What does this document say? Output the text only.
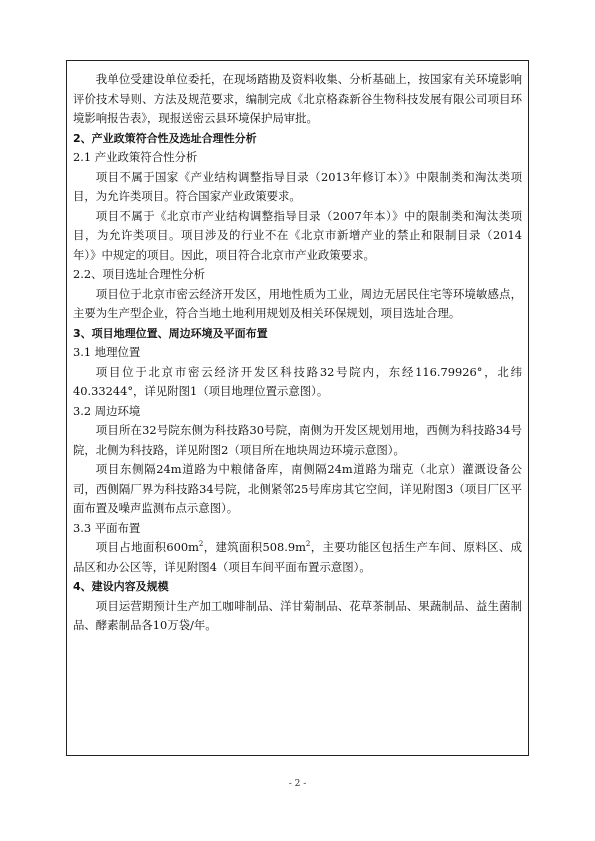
我单位受建设单位委托，在现场踏勘及资料收集、分析基础上，按国家有关环境影响评价技术导则、方法及规范要求，编制完成《北京格森新谷生物科技发展有限公司项目环境影响报告表》，现报送密云县环境保护局审批。

2、产业政策符合性及选址合理性分析

2.1 产业政策符合性分析

项目不属于国家《产业结构调整指导目录（2013年修订本）》中限制类和淘汰类项目，为允许类项目。符合国家产业政策要求。

项目不属于《北京市产业结构调整指导目录（2007年本）》中的限制类和淘汰类项目，为允许类项目。项目涉及的行业不在《北京市新增产业的禁止和限制目录（2014年）》中规定的项目。因此，项目符合北京市产业政策要求。

2.2、项目选址合理性分析

项目位于北京市密云经济开发区，用地性质为工业，周边无居民住宅等环境敏感点，主要为生产型企业，符合当地土地利用规划及相关环保规划，项目选址合理。

3、项目地理位置、周边环境及平面布置

3.1 地理位置

项目位于北京市密云经济开发区科技路32号院内，东经116.79926°，北纬40.33244°，详见附图1（项目地理位置示意图）。

3.2 周边环境

项目所在32号院东侧为科技路30号院，南侧为开发区规划用地，西侧为科技路34号院，北侧为科技路，详见附图2（项目所在地块周边环境示意图）。

项目东侧隔24m道路为中粮储备库，南侧隔24m道路为瑞克（北京）灌溉设备公司，西侧隔厂界为科技路34号院，北侧紧邻25号库房其它空间，详见附图3（项目厂区平面布置及噪声监测布点示意图）。

3.3 平面布置

项目占地面积$600m^2$，建筑面积$508.9m^2$，主要功能区包括生产车间、原料区、成品区和办公区等，详见附图4（项目车间平面布置示意图）。

4、建设内容及规模

项目运营期预计生产加工咖啡制品、洋甘菊制品、花草茶制品、果蔬制品、益生菌制品、酵素制品各10万袋/年。

- 2 -
